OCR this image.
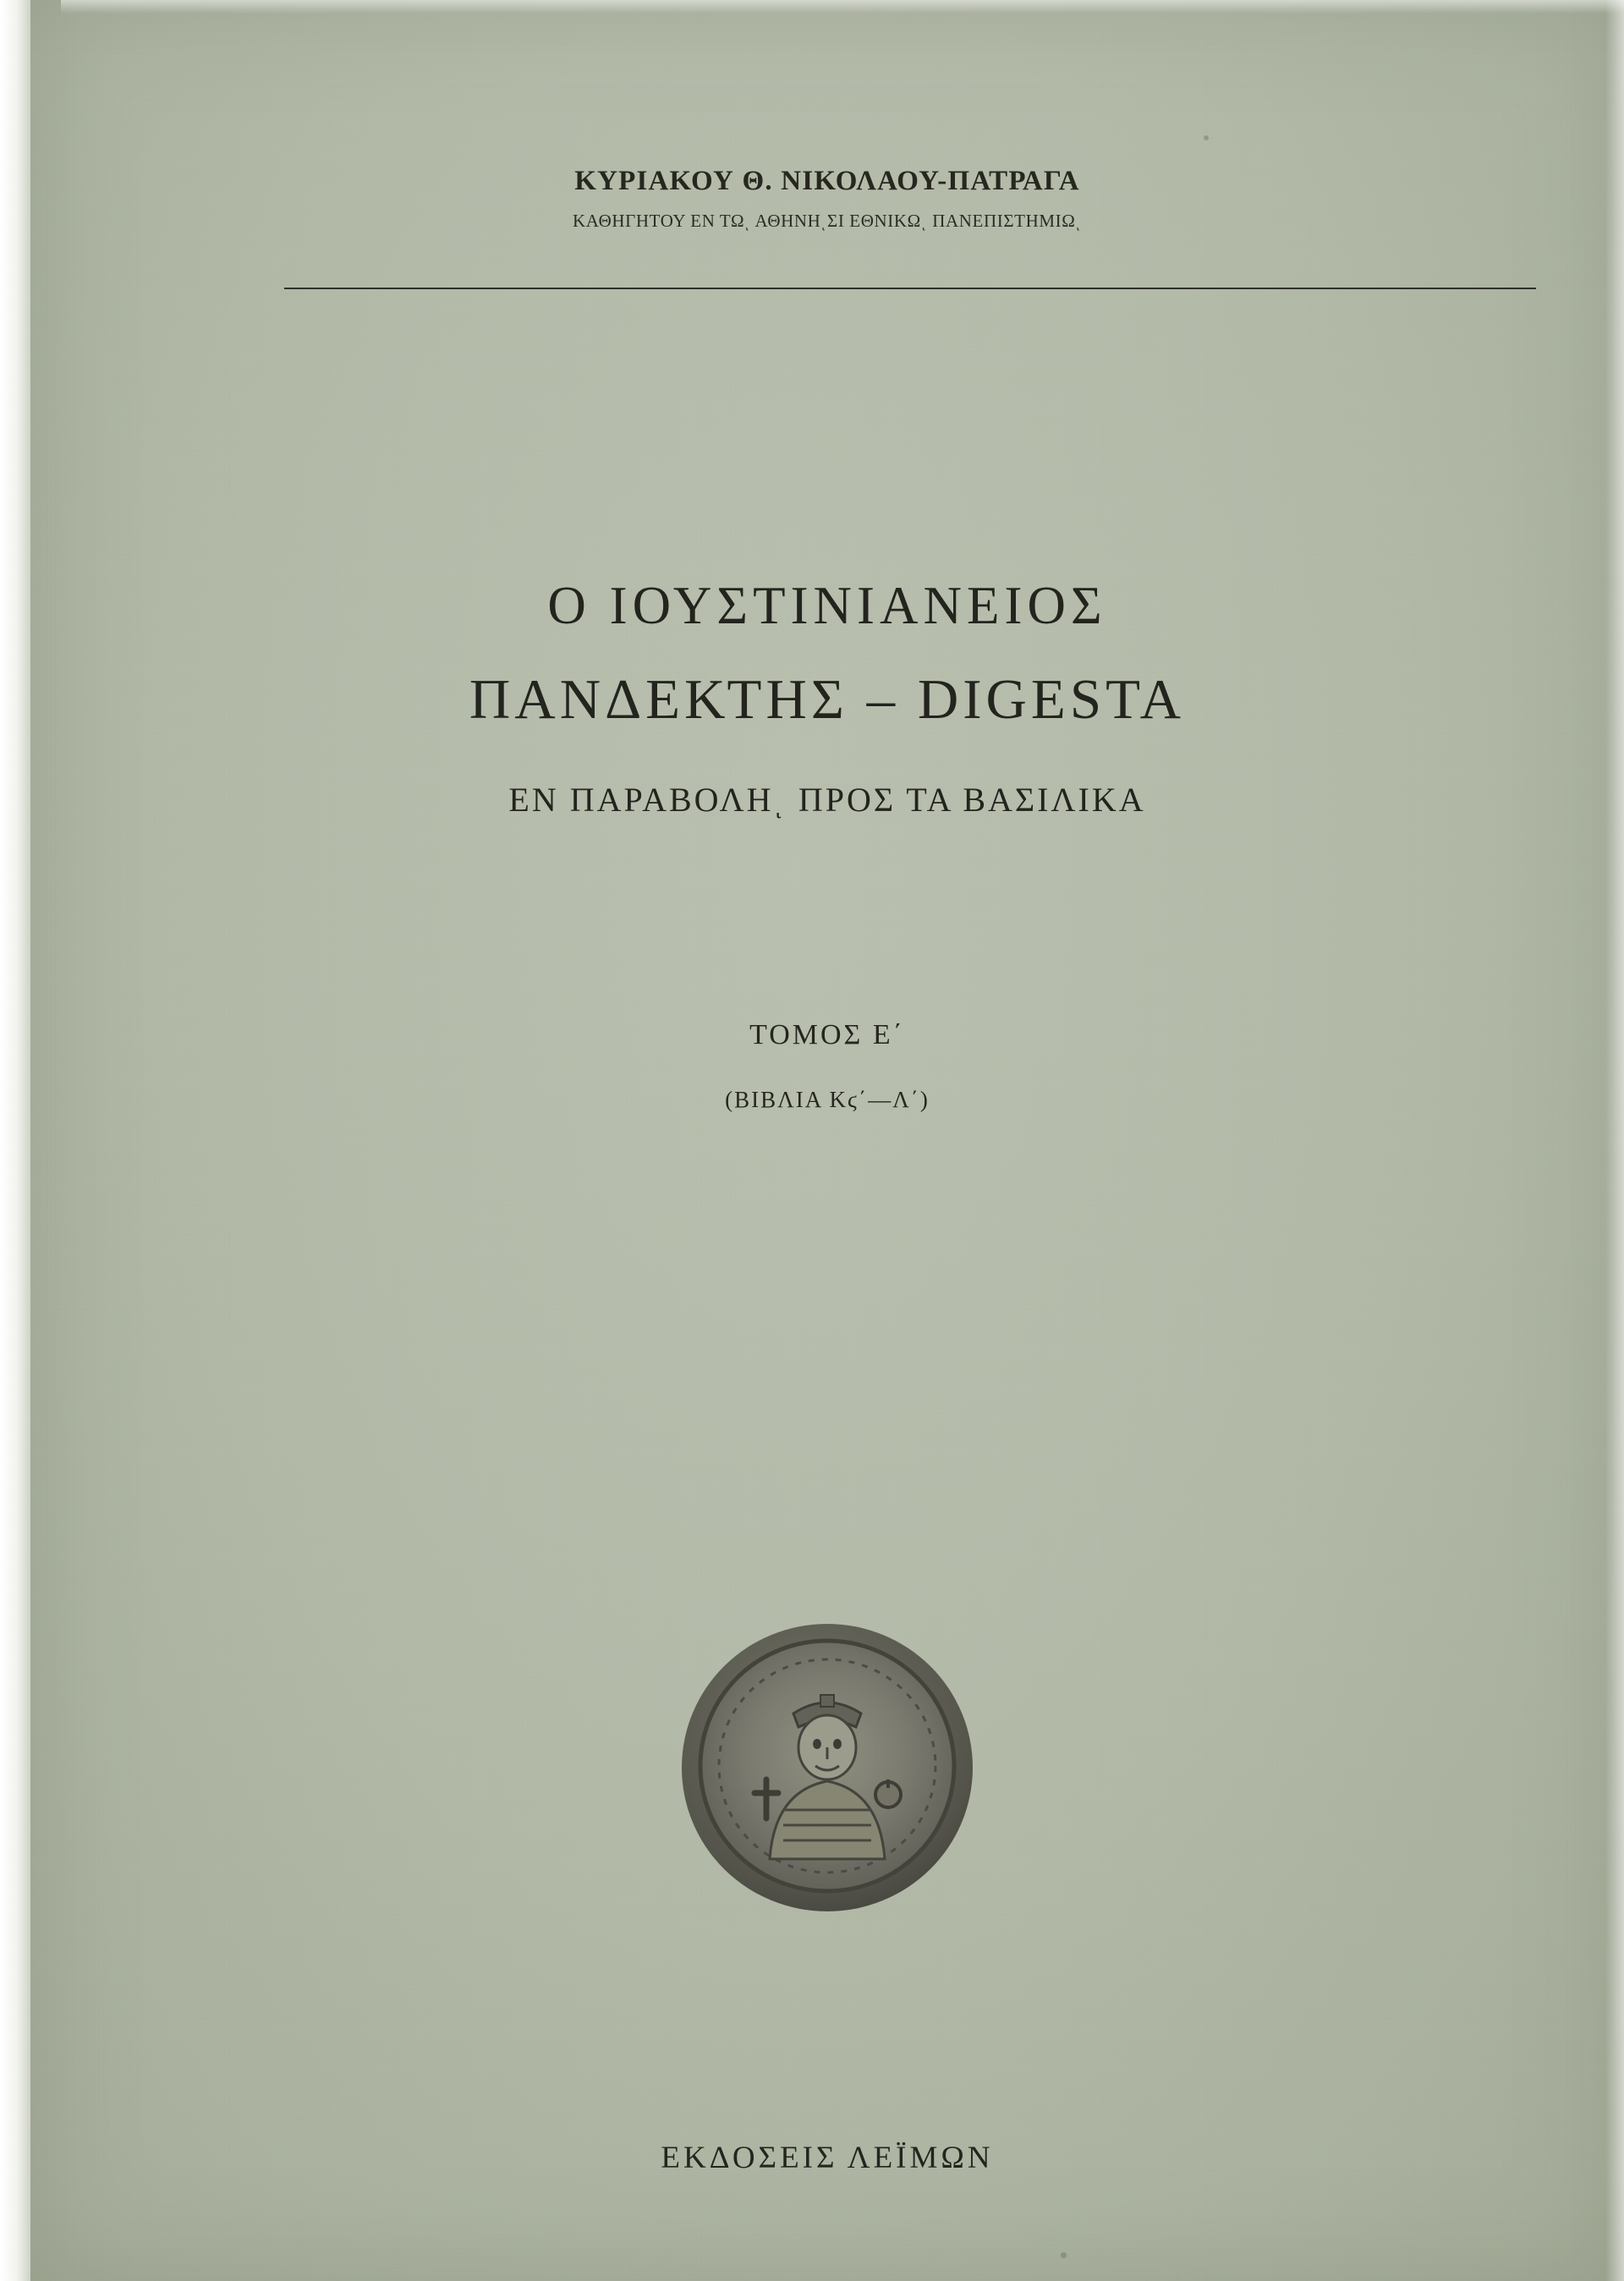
ΚΥΡΙΑΚΟΥ Θ. ΝΙΚΟΛΑΟΥ-ΠΑΤΡΑΓΑ
ΚΑΘΗΓΗΤΟΥ ΕΝ ΤΩͺ ΑΘΗΝΗͺΣΙ ΕΘΝΙΚΩͺ ΠΑΝΕΠΙΣΤΗΜΙΩͺ
Ο ΙΟΥΣΤΙΝΙΑΝΕΙΟΣ
ΠΑΝΔΕΚΤΗΣ – DIGESTA
ΕΝ ΠΑΡΑΒΟΛΗͺ ΠΡΟΣ ΤΑ ΒΑΣΙΛΙΚΑ
ΤΟΜΟΣ Ε΄
(ΒΙΒΛΙΑ Κϛ΄—Λ΄)
ΕΚΔΟΣΕΙΣ ΛΕΪΜΩΝ
